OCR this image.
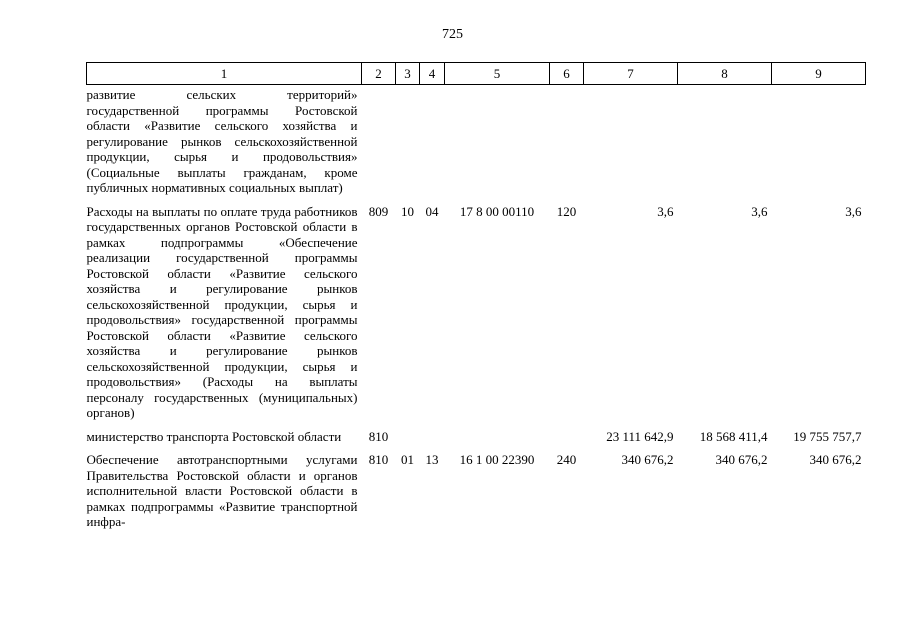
725
1	2	3	4	5	6	7	8	9
развитие сельских территорий» государственной программы Ростовской области «Развитие сельского хозяйства и регулирование рынков сельскохозяйственной продукции, сырья и продовольствия» (Социальные выплаты гражданам, кроме публичных нормативных социальных выплат)								
Расходы на выплаты по оплате труда работников государственных органов Ростовской области в рамках подпрограммы «Обеспечение реализации государственной программы Ростовской области «Развитие сельского хозяйства и регулирование рынков сельскохозяйственной продукции, сырья и продовольствия» государственной программы Ростовской области «Развитие сельского хозяйства и регулирование рынков сельскохозяйственной продукции, сырья и продовольствия» (Расходы на выплаты персоналу государственных (муниципальных) органов)	809	10	04	17 8 00 00110	120	3,6	3,6	3,6
министерство транспорта Ростовской области	810					23 111 642,9	18 568 411,4	19 755 757,7
Обеспечение автотранспортными услугами Правительства Ростовской области и органов исполнительной власти Ростовской области в рамках подпрограммы «Развитие транспортной инфра-	810	01	13	16 1 00 22390	240	340 676,2	340 676,2	340 676,2
